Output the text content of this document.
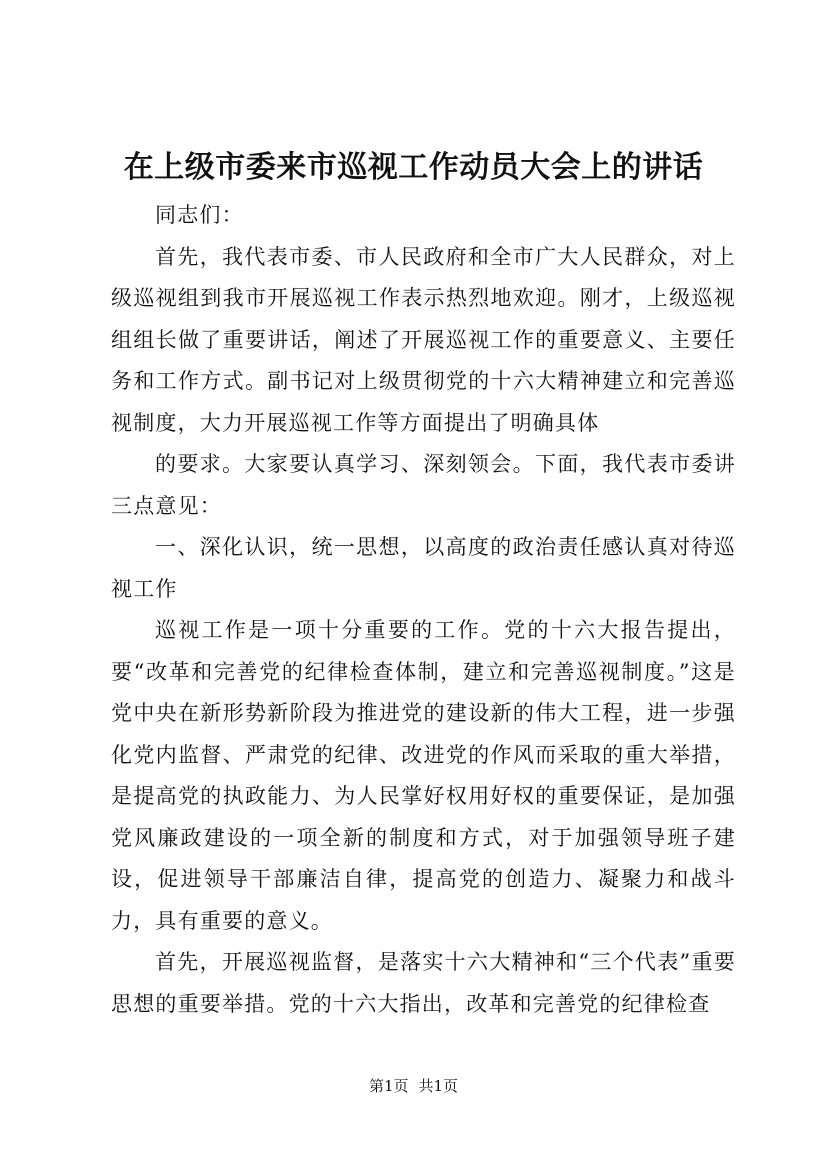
在上级市委来市巡视工作动员大会上的讲话

同志们：

首先，我代表市委、市人民政府和全市广大人民群众，对上级巡视组到我市开展巡视工作表示热烈地欢迎。刚才，上级巡视组组长做了重要讲话，阐述了开展巡视工作的重要意义、主要任务和工作方式。副书记对上级贯彻党的十六大精神建立和完善巡视制度，大力开展巡视工作等方面提出了明确具体

的要求。大家要认真学习、深刻领会。下面，我代表市委讲三点意见：

一、深化认识，统一思想，以高度的政治责任感认真对待巡视工作

巡视工作是一项十分重要的工作。党的十六大报告提出，要“改革和完善党的纪律检查体制，建立和完善巡视制度。”这是党中央在新形势新阶段为推进党的建设新的伟大工程，进一步强化党内监督、严肃党的纪律、改进党的作风而采取的重大举措，是提高党的执政能力、为人民掌好权用好权的重要保证，是加强党风廉政建设的一项全新的制度和方式，对于加强领导班子建设，促进领导干部廉洁自律，提高党的创造力、凝聚力和战斗力，具有重要的意义。

首先，开展巡视监督，是落实十六大精神和“三个代表”重要思想的重要举措。党的十六大指出，改革和完善党的纪律检查

第1页 共1页
